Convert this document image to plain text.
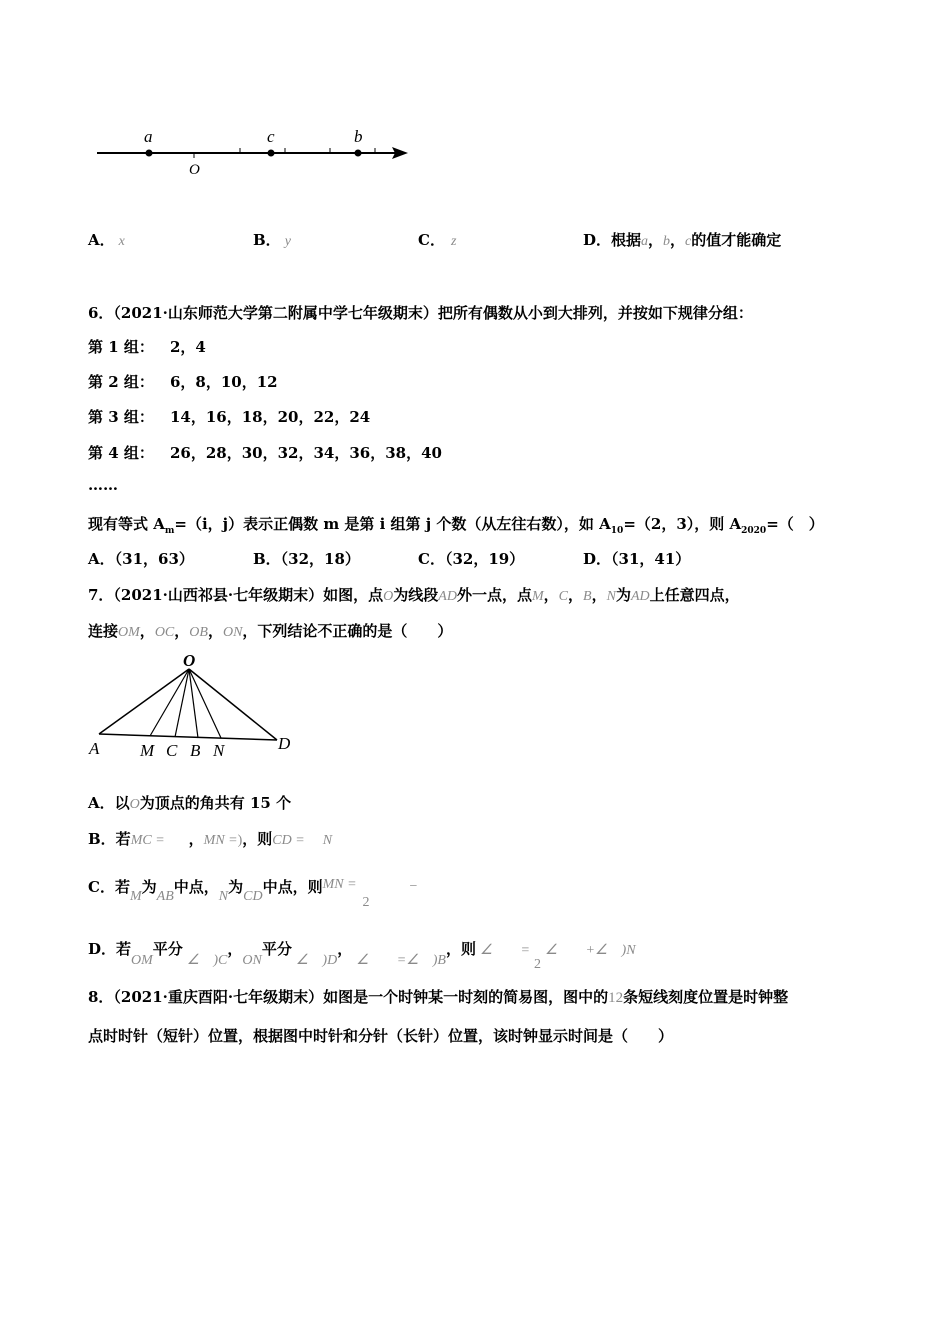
a	c	b
O
A． x	B． y	C． z	D．根据a，b，c的值才能确定
6．（2021·山东师范大学第二附属中学七年级期末）把所有偶数从小到大排列，并按如下规律分组：
第 1 组： 2，4
第 2 组： 6，8，10，12
第 3 组： 14，16，18，20，22，24
第 4 组： 26，28，30，32，34，36，38，40
……
现有等式 $A_m=(i$，j）表示正偶数 m 是第 i 组第 j 个数（从左往右数），如 $A_{10}=(2$，3），则 $A_{2020}=$（　）
A．（31，63）	B．（32，18）	C．（32，19）	D．（31，41）
7．（2021·山西祁县·七年级期末）如图，点O为线段AD外一点，点M，C，B，N为AD上任意四点，
连接OM，OC，OB，ON，下列结论不正确的是（　　）
O
A M C B N	D
A．以O为顶点的角共有 15 个
B．若MC = ，MN =)，则CD = N
C．若M为AB中点，N为CD中点，则MN =2−
D．若OM平分∠　)C，ON平分∠　)D，∠　　=∠　)B，则 ∠　　=2∠　　+∠　)N
8．（2021·重庆酉阳·七年级期末）如图是一个时钟某一时刻的简易图，图中的12条短线刻度位置是时钟整
点时时针（短针）位置，根据图中时针和分针（长针）位置，该时钟显示时间是（　　）
